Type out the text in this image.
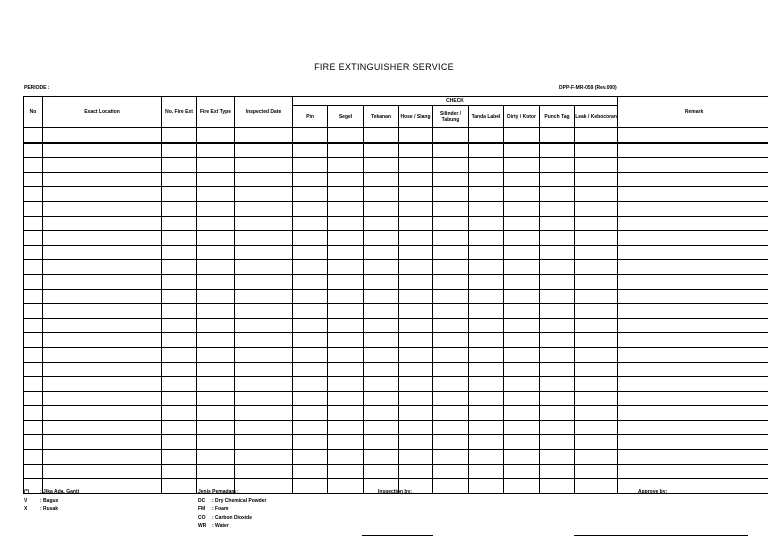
FIRE EXTINGUISHER SERVICE
PERIODE :	DPP-F-MR-059 (Rev.000)
No	Exact Location	No. Fire Ext	Fire Ext Type	Inspected Date	CHECK									Remark
					Pin	Segel	Tekanan	Hose / Slang	Silinder / Tabung	Tanda Label	Dirty / Kotor	Punch Tag	Leak / Kebocoran	

(*) : Jika Ada, Ganti
V	: Bagus
X	: Rusak
Jenis Pemadam :
DC : Dry Chemical Powder
FM : Foam
CO : Carbon Dioxide
WR : Water
Inspection by:	Approve by:
